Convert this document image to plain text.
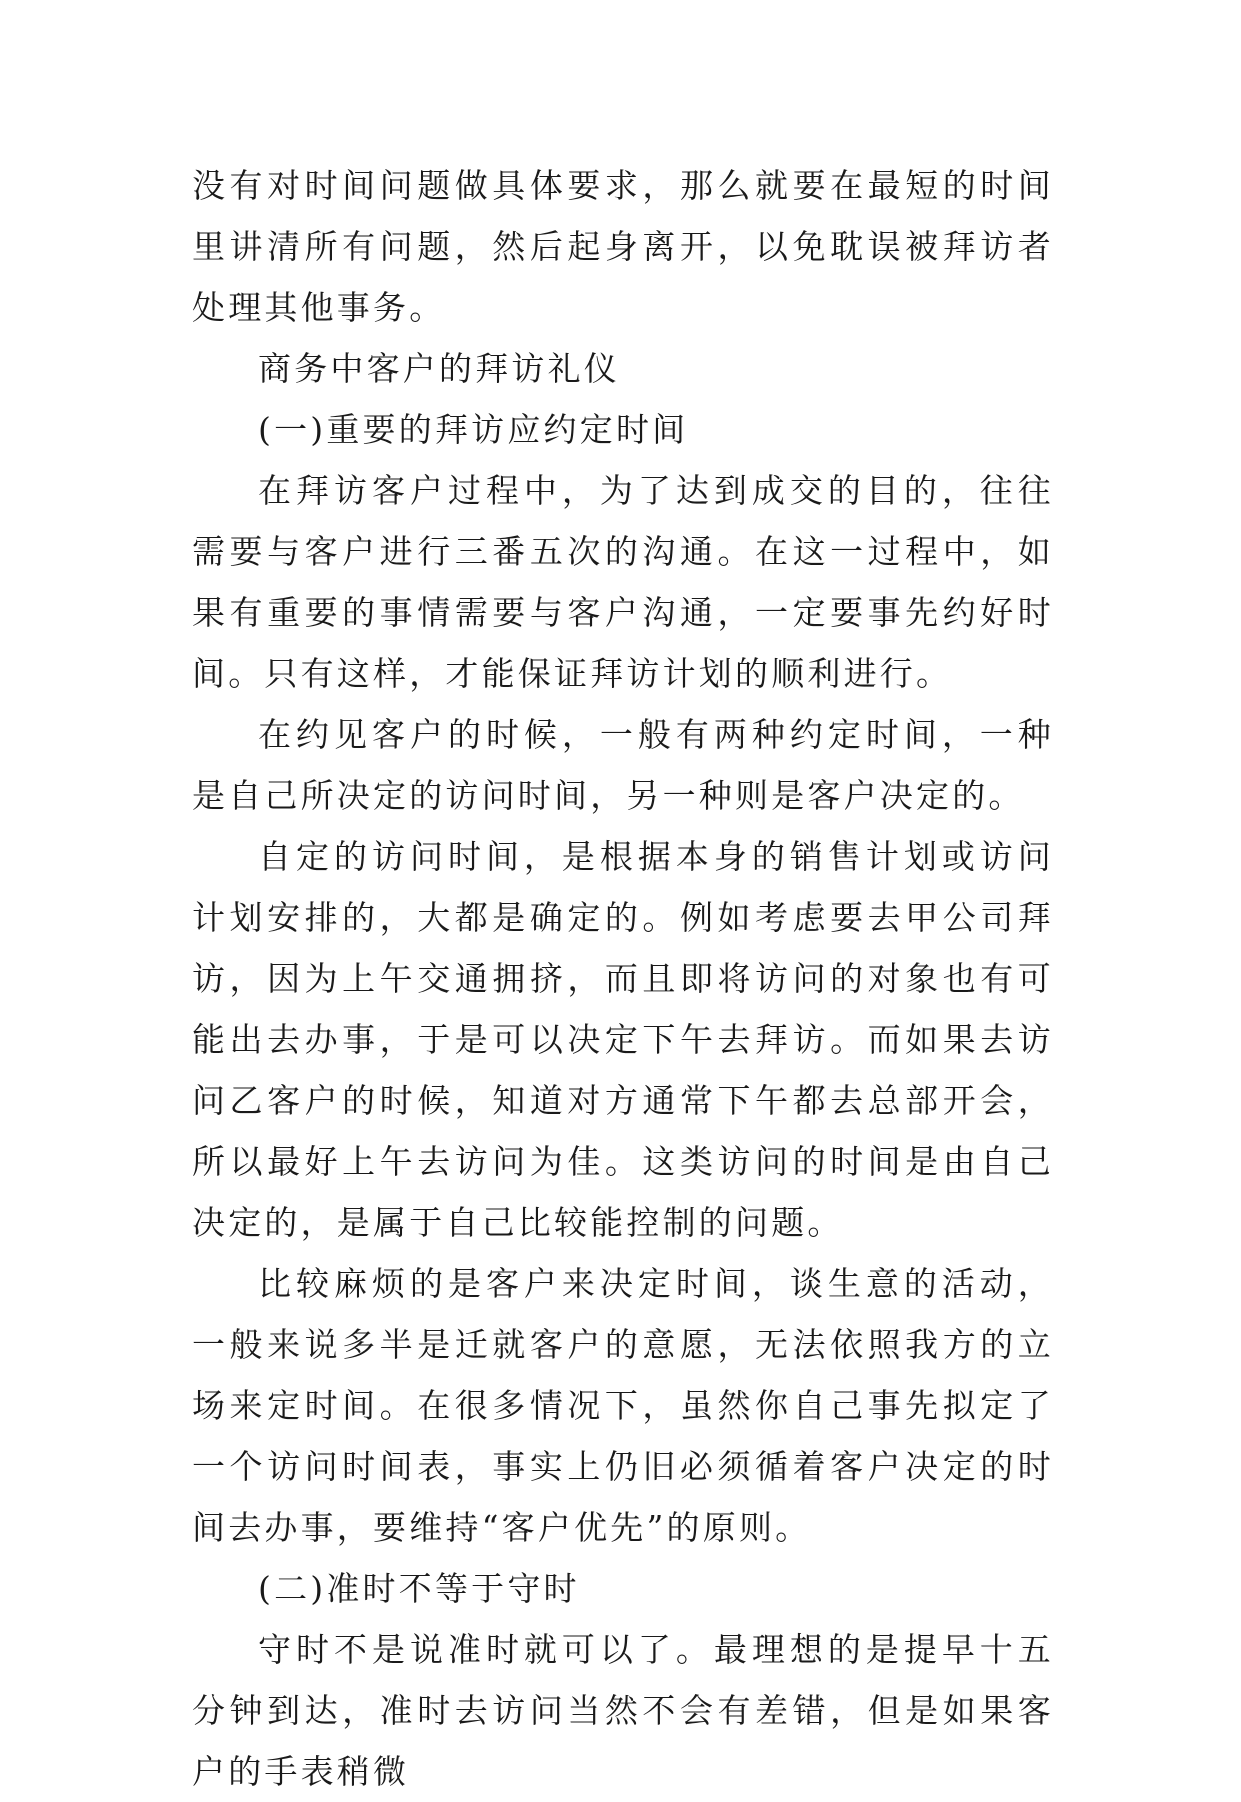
没有对时间问题做具体要求，那么就要在最短的时间里讲清所有问题，然后起身离开，以免耽误被拜访者处理其他事务。

商务中客户的拜访礼仪

(一)重要的拜访应约定时间

在拜访客户过程中，为了达到成交的目的，往往需要与客户进行三番五次的沟通。在这一过程中，如果有重要的事情需要与客户沟通，一定要事先约好时间。只有这样，才能保证拜访计划的顺利进行。

在约见客户的时候，一般有两种约定时间，一种是自己所决定的访问时间，另一种则是客户决定的。

自定的访问时间，是根据本身的销售计划或访问计划安排的，大都是确定的。例如考虑要去甲公司拜访，因为上午交通拥挤，而且即将访问的对象也有可能出去办事，于是可以决定下午去拜访。而如果去访问乙客户的时候，知道对方通常下午都去总部开会，所以最好上午去访问为佳。这类访问的时间是由自己决定的，是属于自己比较能控制的问题。

比较麻烦的是客户来决定时间，谈生意的活动，一般来说多半是迁就客户的意愿，无法依照我方的立场来定时间。在很多情况下，虽然你自己事先拟定了一个访问时间表，事实上仍旧必须循着客户决定的时间去办事，要维持“客户优先”的原则。

(二)准时不等于守时

守时不是说准时就可以了。最理想的是提早十五分钟到达，准时去访问当然不会有差错，但是如果客户的手表稍微
